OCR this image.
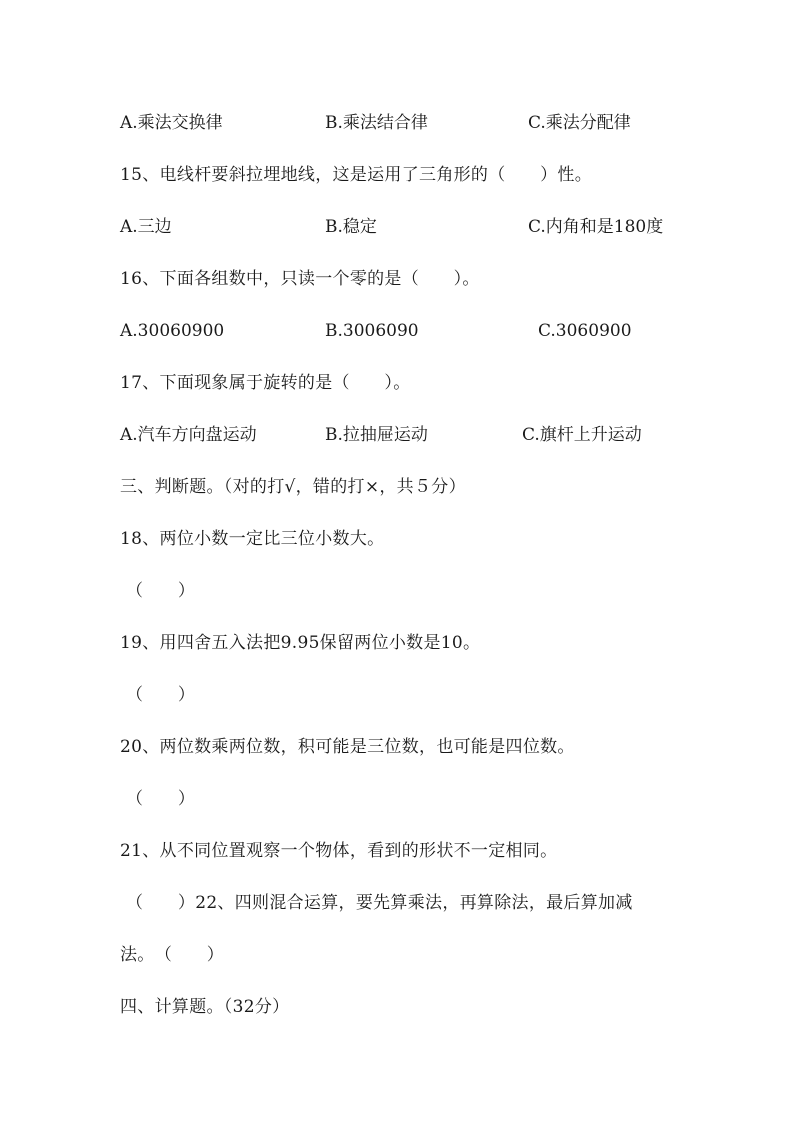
A.乘法交换律	B.乘法结合律	C.乘法分配律
15、电线杆要斜拉埋地线，这是运用了三角形的（　　）性。
A.三边	B.稳定	C.内角和是180度
16、下面各组数中，只读一个零的是（　　）。
A.30060900	B.3006090	C.3060900
17、下面现象属于旋转的是（　　）。
A.汽车方向盘运动	B.拉抽屉运动	C.旗杆上升运动
三、判断题。（对的打√，错的打×，共５分）
18、两位小数一定比三位小数大。
（　　）
19、用四舍五入法把9.95保留两位小数是10。
（　　）
20、两位数乘两位数，积可能是三位数，也可能是四位数。
（　　）
21、从不同位置观察一个物体，看到的形状不一定相同。
（　　）22、四则混合运算，要先算乘法，再算除法，最后算加减
法。　（　　）
四、计算题。（32分）
